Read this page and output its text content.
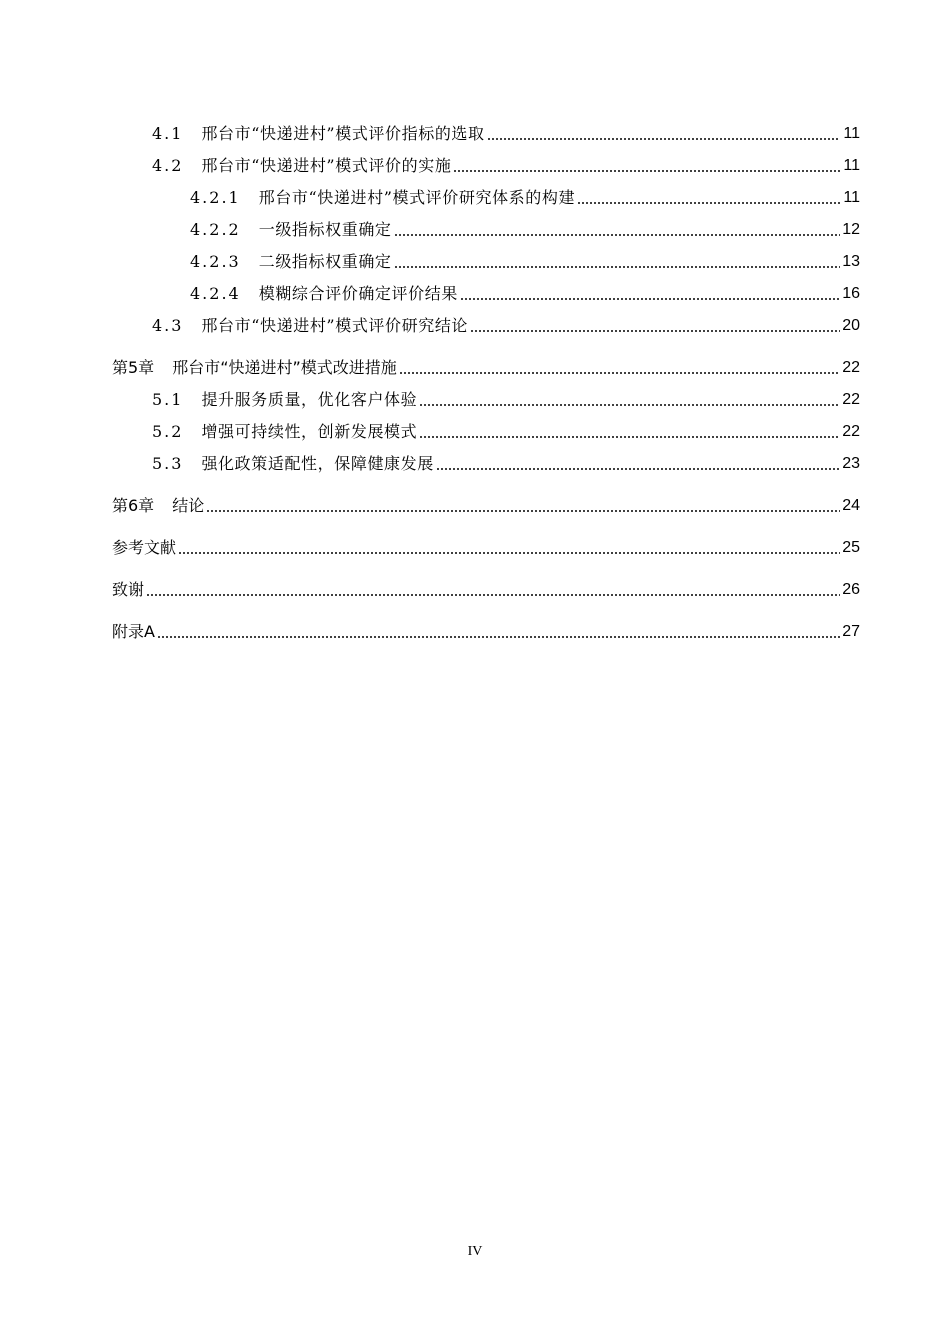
4.1 邢台市“快递进村”模式评价指标的选取	11
4.2 邢台市“快递进村”模式评价的实施	11
4.2.1 邢台市“快递进村”模式评价研究体系的构建	11
4.2.2 一级指标权重确定	12
4.2.3 二级指标权重确定	13
4.2.4 模糊综合评价确定评价结果	16
4.3 邢台市“快递进村”模式评价研究结论	20
第5章 邢台市“快递进村”模式改进措施	22
5.1 提升服务质量，优化客户体验	22
5.2 增强可持续性，创新发展模式	22
5.3 强化政策适配性，保障健康发展	23
第6章 结论	24
参考文献	25
致谢	26
附录A	27
IV
